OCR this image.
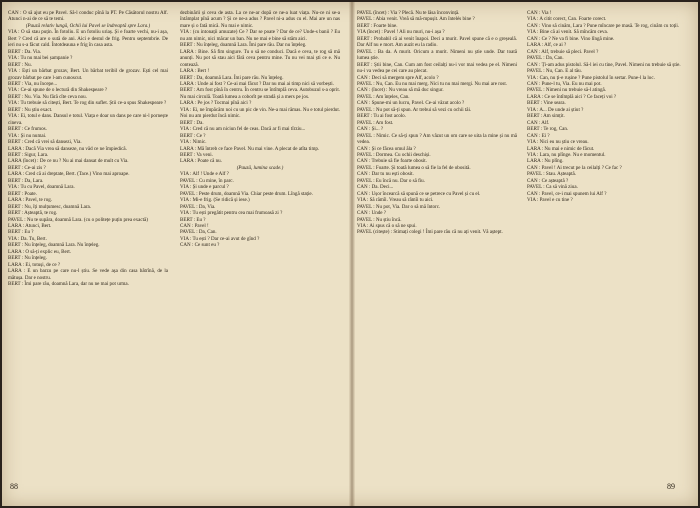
CAN : O să ajut eu pe Pavel. Să-l conduc pînă la PT. Pe Căsătorul nostru Alf. Atunci n-ai de ce să te temi.

(Pauză relativ lungă, Ochii lui Pavel se îndreaptă spre Lara.)

VIA : O să stau puțin. În fotoliu. E un fotoliu uriaș. Și e foarte vechi, nu-i așa, Bert ? Cred că are o sută de ani. Aici e destul de frig. Pentru septembrie. De ieri nu s-a făcut cald. Întotdeauna e frig în casa asta.

BERT : Da. Via.

VIA : Tu nu mai bei șampanie ?

BERT : Nu.

VIA : Ești un bărbat grozav, Bert. Un bărbat teribil de grozav. Ești cel mai grozav bărbat pe care l-am cunoscut.

BERT : Via, nu începe...

VIA : Ce-ai spune de o lectură din Shakespeare ?

BERT : Nu. Via. Nu fără cîte ceva nou.

VIA : Tu trebuie să citești, Bert. Te rog din suflet. Știi ce-a spus Shakespeare ?

BERT : Nu știu exact.

VIA : Ei, totul e dans. Dansul e totul. Viața e doar un dans pe care ni-l pornește cineva.

BERT : Ce frumos.

VIA : Și nu numai.

BERT : Cred că vrei să dansezi, Via.

LARA : Dacă Via vrea să danseze, nu văd ce ne împiedică.

BERT : Sigur, Lara.

LARA (încet) : De ce nu ? Nu ai mai dansat de mult cu Via.

BERT : Ce-ai zis ?

LARA : Cred că ai dreptate, Bert. (Tace.) Vino mai aproape.

BERT : Da, Lara.

VIA : Tu cu Pavel, doamnă Lara.

BERT : Poate.

LARA : Pavel, te rog.

BERT : Nu, îți mulțumesc, doamnă Lara.

BERT : Așteaptă, te rog.

PAVEL : Nu te supăra, doamnă Lara. (cu o politețe puțin prea exactă)

LARA : Atunci, Bert.

BERT : Eu ?

VIA : Da. Tu, Bert.

BERT : Nu înțeleg, doamnă Lara. Nu înțeleg.

LARA : O să-ți explic eu, Bert.

BERT : Nu înțeleg.

LARA : Ei, totuși, de ce ?

LARA : E un barzu pe care nu-l știu. Se vede așa din casa bătrînă, de la mătușa. Dar e nostru.

BERT : Îmi pare rău, doamnă Lara, dar nu ne mai pot urma.

dezbinării și ceva de asta. La ce ne-ar dopă ce ne-a luat viața. Nu-ce ni se-a întâmplat pînă acum ? Și ce ne-a adus ? Pavel ni-a adus cu el. Mai are un nas mare și o fată mică. Nu mai e nimic.

VIA : (cu intonații amuzate) Ce ? Dar se poate ? Dar de ce? Unde-s banii ? Eu nu am nimic, nici măcar un ban. Nu ne mai e bine să stăm aici.

BERT : Nu înțeleg, doamnă Lara. Îmi pare rău. Dar nu înțeleg.

LARA : Bine. Să fim singure. Tu o să ne conduci. Dacă e ceva, te rog să mă anunți. Nu pot să stau aici fără ceva pentru mine. Tu nu vei mai ști ce e. Nu contează.

LARA : Bert !

BERT : Da, doamnă Lara. Îmi pare rău. Nu înțeleg.

LARA : Unde ai fost ? Ce-ai mai făcut ? Dar nu mai ai timp nici să vorbești.

BERT : Am fost pînă în centru. În centru se întîmplă ceva. Autobuzul s-a oprit. Nu mai circulă. Toată lumea a coborît pe stradă și a mers pe jos.

LARA : Pe jos ? Tocmai pînă aici ?

VIA : Ei, ne împăcăm noi cu un pic de vin. Ne-a mai rămas. Nu e totul pierdut. Noi nu am pierdut încă nimic.

BERT : Da.

VIA : Cred că nu am niciun fel de ceas. Dacă ar fi mai tîrziu...

BERT : Ce ?

VIA : Nimic.

LARA : Mă întreb ce face Pavel. Nu mai vine. A plecat de atîta timp.

BERT : Va veni.

LARA : Poate că nu.

(Pauză, lumina scade.)

VIA : Alf ! Unde e Alf ?

PAVEL : Cu mine, în parc.

VIA : Și unde e parcul ?

PAVEL : Peste drum, doamnă Via. Chiar peste drum. Lîngă stație.

VIA : Mi-e frig. (Se ridică și iese.)

PAVEL : Da, Via.

VIA : Tu ești pregătit pentru cea mai frumoasă zi ?

BERT : Eu ?

CAN : Pavel !

PAVEL : Da, Can.

VIA : Tu ești ? Dar ce-ai avut de gînd ?

CAN : Ce sunt eu ?

88

PAVEL (încet) : Via ? Plecă. Nu te lăsa înconvință.

PAVEL : Abia venit. Vreă să mă-mpușit. Am întelés bine ?

BERT : Foarte bine.

VIA (încet) : Pavel ! Ali nu muri, nu-i așa ?

BERT : Probabil că ai venit înapoi. Deci a murit. Pavel spune că e o greșeală. Dar Alf nu e mort. Am auzit eu la radio.

PAVEL : Ba da. A murit. Oricum a murit. Nimeni nu știe unde. Dar toată lumea știe.

BERT : Știi bine, Can. Cum am fost ceilalți nu-i vor mai vedea pe el. Nimeni nu-i va vedea pe cei care au plecat.

CAN : Deci să mergem spre Alf, acolo ?

PAVEL : Nu, Can. Eu nu mai merg. Nici tu nu mai mergi. Nu mai are rost.

CAN : (încet) : Nu vreau să mă duc singur.

PAVEL : Am înțeles, Can.

CAN : Spune-mi un lucru, Pavel. Ce-ai văzut acolo ?

PAVEL : Nu pot să-ți spun. Ar trebui să vezi cu ochii tăi.

BERT : Tu ai fost acolo.

PAVEL : Am fost.

CAN : Și... ?

PAVEL : Nimic. Ce să-ți spun ? Am văzut un om care se uita la mine și nu mă vedea.

CAN : Și ce făcea omul ăla ?

PAVEL : Dormea. Cu ochii deschiși.

CAN : Trebuie să fie foarte obosit.

PAVEL : Foarte. Și toată lumea o să fie la fel de obosită.

CAN : Dar tu nu ești obosit.

PAVEL : Eu încă nu. Dar o să fiu.

CAN : Da. Deci...

CAN : Ușor încearcă să spună ce se petrece cu Pavel și cu el.

VIA : Să rămîi. Vreau să rămîi tu aici.

PAVEL : Nu pot, Via. Dar o să mă întorc.

CAN : Unde ?

PAVEL : Nu știu încă.

VIA : Ai spus că o să ne spui.

PAVEL (citește) : Stimați colegi ! Îmi pare rău că nu ați venit. Vă aștept.

CAN : Via !

VIA : A citit corect, Can. Foarte corect.

CAN : Vino să cinăm, Lara ? Pune mîncare pe masă. Te rog, cinăm cu toții.

VIA : Bine că ai venit. Să mîncăm ceva.

CAN : Ce ? Ne va fi bine. Vino lîngă mine.

LARA : Alf, ce ai ?

CAN : Alf, trebuie să pleci. Pavel ?

PAVEL : Da, Can.

CAN : Ți-am adus pistolul. Să-l iei cu tine, Pavel. Nimeni nu trebuie să știe.

PAVEL : Nu, Can. E al tău.

VIA : Can, nu ți-e rușine ? Pune pistolul în sertar. Pune-l la loc.

CAN : Pune-l tu, Via. Eu nu mai pot.

PAVEL : Nimeni nu trebuie să-l atingă.

LARA : Ce se întîmplă aici ? Ce faceți voi ?

BERT : Vine seara.

VIA : A... De unde ai știut ?

BERT : Am simțit.

CAN : Alf.

BERT : Te rog, Can.

CAN : Ei ?

VIA : Nici eu nu știu ce vreau.

LARA : Nu mai e nimic de făcut.

VIA : Lara, nu plînge. Nu e momentul.

LARA : Nu plîng.

CAN : Pavel ! Ai trecut pe la ceilalți ? Ce fac ?

PAVEL : Stau. Așteaptă.

CAN : Ce așteaptă ?

PAVEL : Ca să vină ziua.

CAN : Pavel, ce-i mai spunem lui Alf ?

VIA : Pavel e cu tine ?

89
